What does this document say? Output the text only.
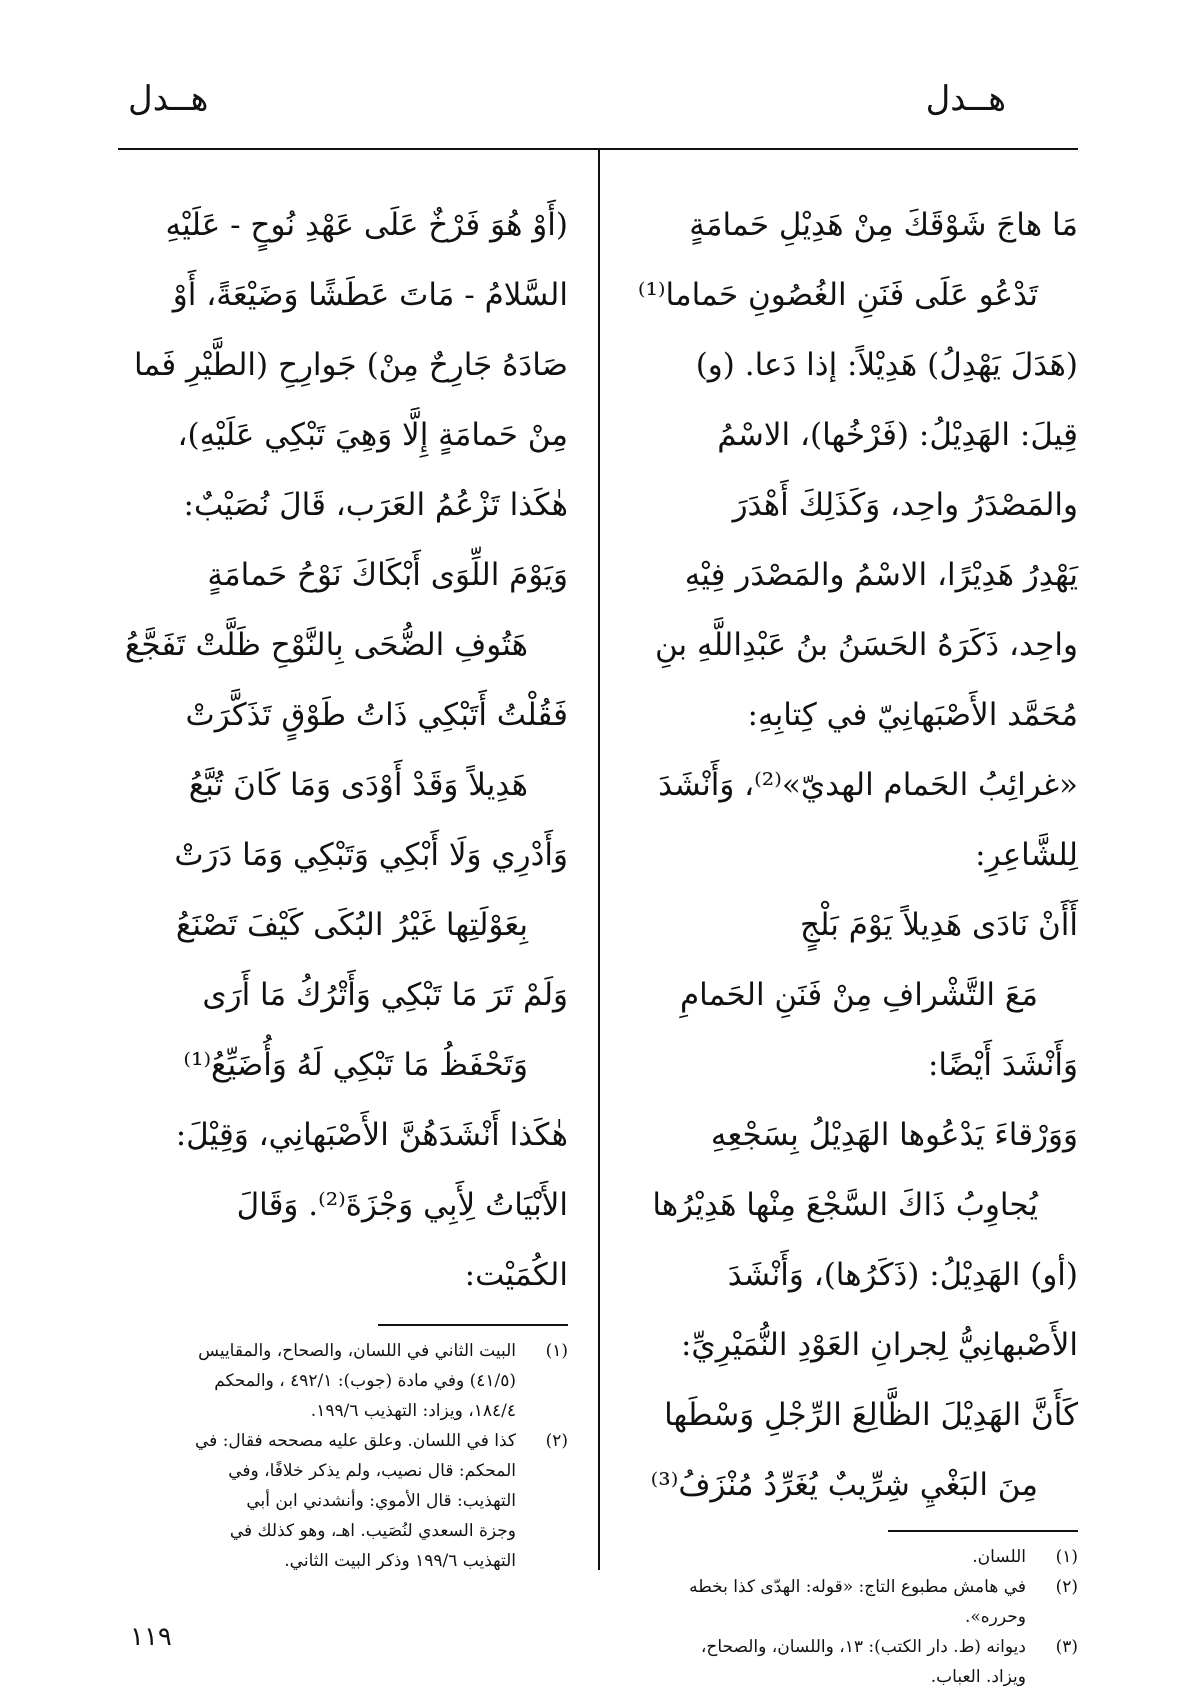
هــدل
هــدل
مَا هاجَ شَوْقَكَ مِنْ هَدِيْلِ حَمامَةٍ
تَدْعُو عَلَى فَنَنِ الغُصُونِ حَماما⁽¹⁾
(هَدَلَ يَهْدِلُ) هَدِيْلاً: إذا دَعا. (و)
قِيلَ: الهَدِيْلُ: (فَرْخُها)، الاسْمُ
والمَصْدَرُ واحِد، وَكَذَلِكَ أَهْدَرَ
يَهْدِرُ هَدِيْرًا، الاسْمُ والمَصْدَر فِيْهِ
واحِد، ذَكَرَهُ الحَسَنُ بنُ عَبْدِاللَّهِ بنِ
مُحَمَّد الأَصْبَهانِيّ في كِتابِهِ:
«غرائِبُ الحَمام الهديّ»⁽²⁾، وَأَنْشَدَ
لِلشَّاعِرِ:
أَأَنْ نَادَى هَدِيلاً يَوْمَ بَلْجٍ
مَعَ التَّشْرافِ مِنْ فَنَنِ الحَمامِ
وَأَنْشَدَ أَيْضًا:
وَوَرْقاءَ يَدْعُوها الهَدِيْلُ بِسَجْعِهِ
يُجاوِبُ ذَاكَ السَّجْعَ مِنْها هَدِيْرُها
(أو) الهَدِيْلُ: (ذَكَرُها)، وَأَنْشَدَ
الأَصْبهانِيُّ لِجرانِ العَوْدِ النُّمَيْرِيِّ:
كَأَنَّ الهَدِيْلَ الظَّالِعَ الرِّجْلِ وَسْطَها
مِنَ البَغْيِ شِرِّيبٌ يُغَرِّدُ مُنْزَفُ⁽³⁾
(١)
اللسان.
(٢)
في هامش مطبوع التاج: «قوله: الهدّى كذا بخطه
وحرره».
(٣)
ديوانه (ط. دار الكتب): ١٣، واللسان، والصحاح،
ويزاد. العباب.
(أَوْ هُوَ فَرْخٌ عَلَى عَهْدِ نُوحٍ - عَلَيْهِ
السَّلامُ - مَاتَ عَطَشًا وَضَيْعَةً، أَوْ
صَادَهُ جَارِحٌ مِنْ) جَوارِحِ (الطَّيْرِ فَما
مِنْ حَمامَةٍ إِلَّا وَهِيَ تَبْكِي عَلَيْهِ)،
هٰكَذا تَزْعُمُ العَرَب، قَالَ نُصَيْبٌ:
وَيَوْمَ اللِّوَى أَبْكَاكَ نَوْحُ حَمامَةٍ
هَتُوفِ الضُّحَى بِالنَّوْحِ ظَلَّتْ تَفَجَّعُ
فَقُلْتُ أَتَبْكِي ذَاتُ طَوْقٍ تَذَكَّرَتْ
هَدِيلاً وَقَدْ أَوْدَى وَمَا كَانَ تُبَّعُ
وَأَدْرِي وَلَا أَبْكِي وَتَبْكِي وَمَا دَرَتْ
بِعَوْلَتِها غَيْرُ البُكَى كَيْفَ تَصْنَعُ
وَلَمْ تَرَ مَا تَبْكِي وَأَتْرُكُ مَا أَرَى
وَتَحْفَظُ مَا تَبْكِي لَهُ وَأُضَيِّعُ⁽¹⁾
هٰكَذا أَنْشَدَهُنَّ الأَصْبَهانِي، وَقِيْلَ:
الأَبْيَاتُ لِأَبِي وَجْزَةَ⁽²⁾. وَقَالَ
الكُمَيْت:
(١)
البيت الثاني في اللسان، والصحاح، والمقاييس
(٤١/٥) وفي مادة (جوب): ٤٩٢/١ ، والمحكم
١٨٤/٤، ويزاد: التهذيب ١٩٩/٦.
(٢)
كذا في اللسان. وعلق عليه مصححه فقال: في
المحكم: قال نصيب، ولم يذكر خلافًا، وفي
التهذيب: قال الأموي: وأنشدني ابن أبي
وجزة السعدي لنُصَيب. اهـ، وهو كذلك في
التهذيب ١٩٩/٦ وذكر البيت الثاني.
١١٩
